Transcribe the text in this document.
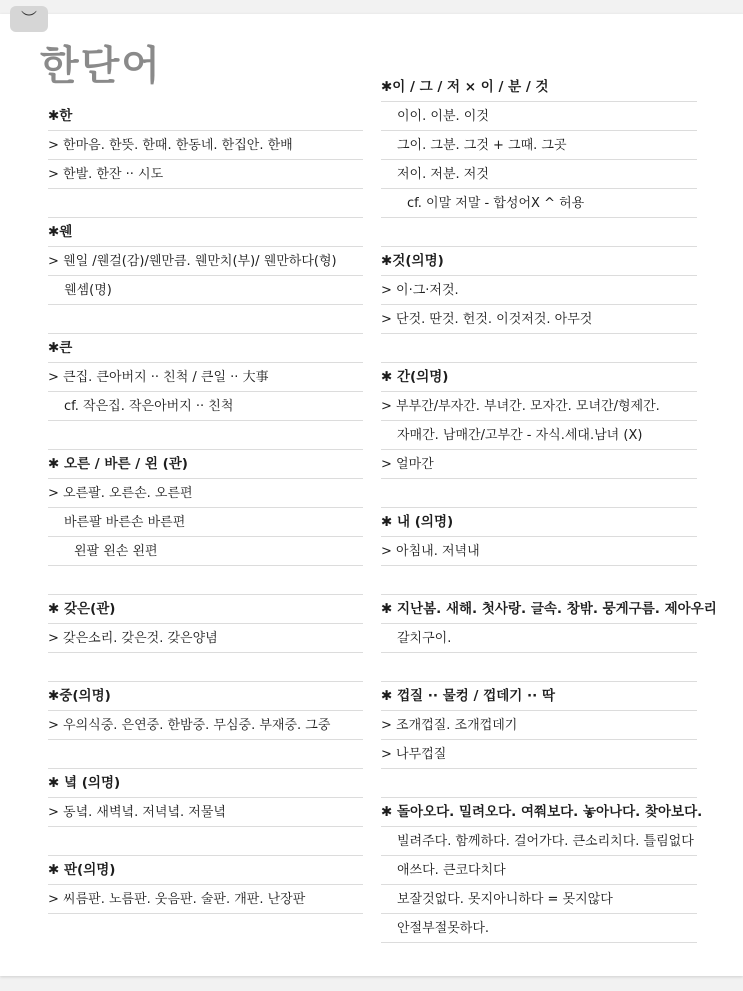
한단어
✱한
> 한마음. 한뜻. 한때. 한동네. 한집안. 한배
> 한발. 한잔 ·· 시도
✱웬
> 웬일 /웬걸(감)/웬만큼. 웬만치(부)/ 웬만하다(형)
웬셈(명)
✱큰
> 큰집. 큰아버지 ·· 친척 / 큰일 ·· 大事
cf. 작은집. 작은아버지 ·· 친척
✱ 오른 / 바른 / 왼 (관)
> 오른팔. 오른손. 오른편
바른팔 바른손 바른편
왼팔 왼손 왼편
✱ 갖은(관)
> 갖은소리. 갖은것. 갖은양념
✱중(의명)
> 우의식중. 은연중. 한밤중. 무심중. 부재중. 그중
✱ 녘 (의명)
> 동녘. 새벽녘. 저녁녘. 저물녘
✱ 판(의명)
> 씨름판. 노름판. 웃음판. 술판. 개판. 난장판
✱이 / 그 / 저 × 이 / 분 / 것
이이. 이분. 이것
그이. 그분. 그것 + 그때. 그곳
저이. 저분. 저것
cf. 이말 저말 - 합성어X ^ 허용
✱것(의명)
> 이·그·저것.
> 단것. 딴것. 헌것. 이것저것. 아무것
✱ 간(의명)
> 부부간/부자간. 부녀간. 모자간. 모녀간/형제간.
자매간. 남매간/고부간 - 자식.세대.남녀 (X)
> 얼마간
✱ 내 (의명)
> 아침내. 저녁내
✱ 지난봄. 새해. 첫사랑. 글속. 창밖. 뭉게구름. 제아우리
갈치구이.
✱ 껍질 ·· 물컹 / 껍데기 ·· 딱
> 조개껍질. 조개껍데기
> 나무껍질
✱ 돌아오다. 밀려오다. 여쭤보다. 놓아나다. 찾아보다.
빌려주다. 함께하다. 걸어가다. 큰소리치다. 틀림없다
애쓰다. 큰코다치다
보잘것없다. 못지아니하다 = 못지않다
안절부절못하다.
︶
